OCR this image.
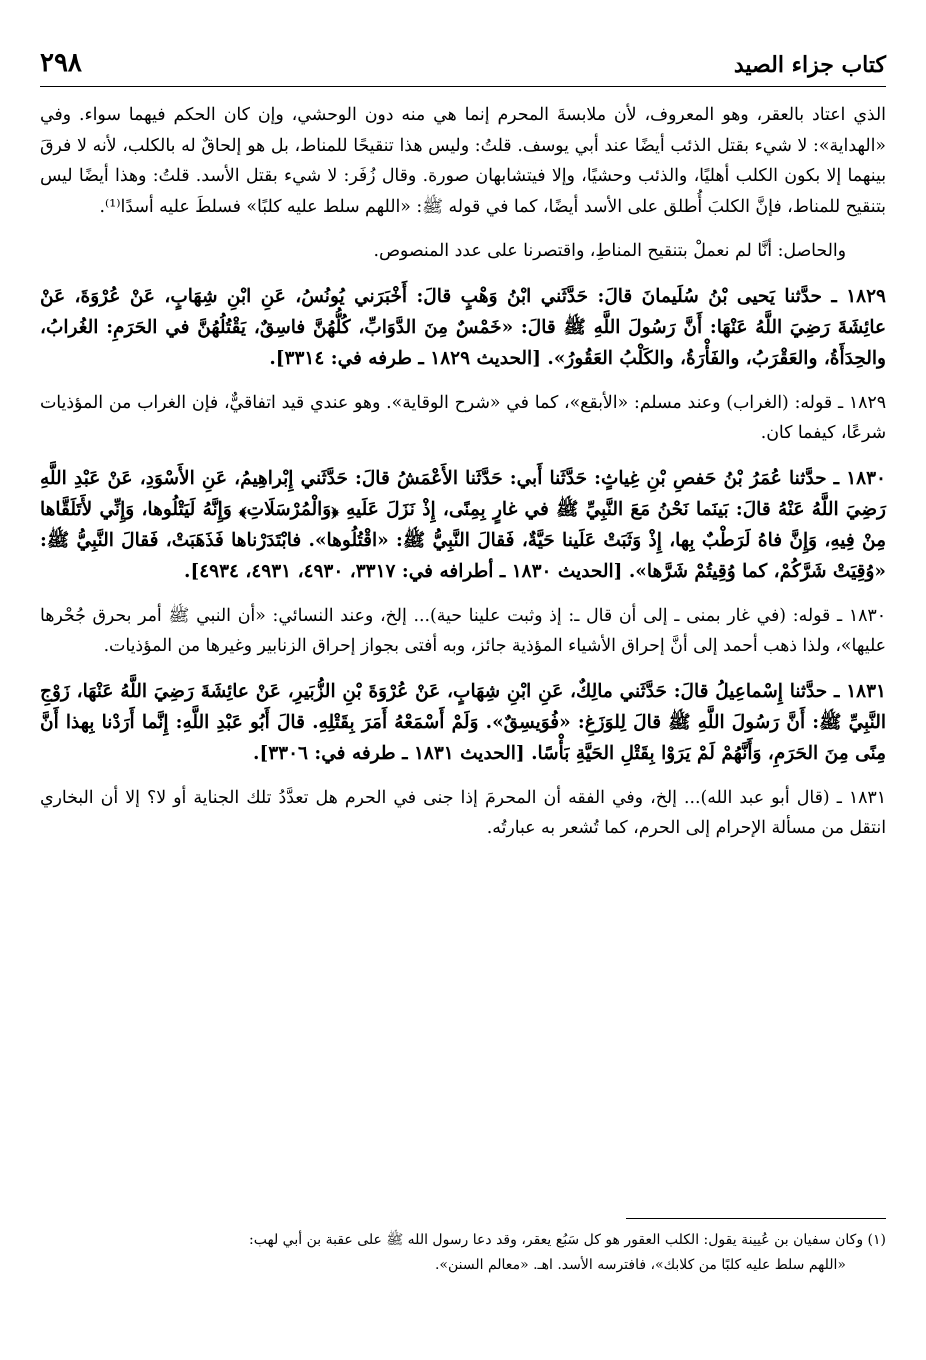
كتاب جزاء الصيد
٢٩٨

الذي اعتاد بالعقر، وهو المعروف، لأن ملابسةَ المحرم إنما هي منه دون الوحشي، وإن كان الحكم فيهما سواء. وفي «الهداية»: لا شيء بقتل الذئب أيضًا عند أبي يوسف. قلتُ: وليس هذا تنقيحًا للمناط، بل هو إلحاقٌ له بالكلب، لأنه لا فرقَ بينهما إلا بكون الكلب أهليًا، والذئب وحشيًا، وإلا فيتشابهان صورة. وقال زُفَر: لا شيء بقتل الأسد. قلتُ: وهذا أيضًا ليس بتنقيح للمناط، فإنَّ الكلبَ أُطلق على الأسد أيضًا، كما في قوله ﷺ: «اللهم سلط عليه كلبًا» فسلطَ عليه أسدًا⁽¹⁾.

والحاصل: أنَّا لم نعملْ بتنقيح المناطِ، واقتصرنا على عدد المنصوص.

١٨٢٩ ـ حدَّثنا يَحيى بْنُ سُلَيمانَ قالَ: حَدَّثَني ابْنُ وَهْبٍ قالَ: أَخْبَرَني يُونُسُ، عَنِ ابْنِ شِهَابٍ، عَنْ عُرْوَةَ، عَنْ عائِشَةَ رَضِيَ اللَّهُ عَنْهَا: أَنَّ رَسُولَ اللَّهِ ﷺ قالَ: «خَمْسٌ مِنَ الدَّوَابِّ، كُلُّهُنَّ فاسِقٌ، يَقْتُلُهُنَّ في الحَرَمِ: الغُرابُ، والحِدَأَةُ، والعَقْرَبُ، والفَأْرَةُ، والكَلْبُ العَقُورُ». [الحديث ١٨٢٩ ـ طرفه في: ٣٣١٤].

١٨٢٩ ـ قوله: (الغراب) وعند مسلم: «الأبقع»، كما في «شرح الوقاية». وهو عندي قيد اتفاقيٌّ، فإن الغراب من المؤذيات شرعًا، كيفما كان.

١٨٣٠ ـ حدَّثنا عُمَرُ بْنُ حَفصِ بْنِ غِياثٍ: حَدَّثَنا أَبي: حَدَّثَنا الأَعْمَشُ قالَ: حَدَّثَني إِبْراهِيمُ، عَنِ الأَسْوَدِ، عَنْ عَبْدِ اللَّهِ رَضِيَ اللَّهُ عَنْهُ قالَ: بَينَما نَحْنُ مَعَ النَّبِيِّ ﷺ في غارٍ بِمِنًى، إِذْ نَزَلَ عَلَيهِ ﴿وَالْمُرْسَلَاتِ﴾ وَإِنَّهُ لَيَتْلُوها، وَإِنِّي لأَتَلَقَّاها مِنْ فِيهِ، وَإِنَّ فاهُ لَرَطْبٌ بِها، إِذْ وَثَبَتْ عَلَينا حَيَّةٌ، فَقالَ النَّبِيُّ ﷺ: «اقْتُلُوها». فابْتَدَرْناها فَذَهَبَتْ، فَقالَ النَّبِيُّ ﷺ: «وُقِيَتْ شَرَّكُمْ، كما وُقِيتُمْ شَرَّها». [الحديث ١٨٣٠ ـ أطرافه في: ٣٣١٧، ٤٩٣٠، ٤٩٣١، ٤٩٣٤].

١٨٣٠ ـ قوله: (في غار بمنى ـ إلى أن قال ـ: إذ وثبت علينا حية)... إلخ، وعند النسائي: «أن النبي ﷺ أمر بحرق جُحْرها عليها»، ولذا ذهب أحمد إلى أنَّ إحراق الأشياء المؤذية جائز، وبه أفتى بجواز إحراق الزنابير وغيرها من المؤذيات.

١٨٣١ ـ حدَّثنا إِسْماعِيلُ قالَ: حَدَّثَني مالِكٌ، عَنِ ابْنِ شِهَابٍ، عَنْ عُرْوَةَ بْنِ الزُّبَيرِ، عَنْ عائِشَةَ رَضِيَ اللَّهُ عَنْهَا، زَوْجِ النَّبِيِّ ﷺ: أَنَّ رَسُولَ اللَّهِ ﷺ قالَ لِلوَزَغِ: «فُوَيسِقٌ». وَلَمْ أَسْمَعْهُ أَمَرَ بِقَتْلِهِ. قالَ أَبُو عَبْدِ اللَّهِ: إِنَّما أَرَدْنا بِهذا أَنَّ مِنًى مِنَ الحَرَمِ، وَأَنَّهُمْ لَمْ يَرَوْا بِقَتْلِ الحَيَّةِ بَأْسًا. [الحديث ١٨٣١ ـ طرفه في: ٣٣٠٦].

١٨٣١ ـ (قال أبو عبد الله)... إلخ، وفي الفقه أن المحرمَ إذا جنى في الحرم هل تعدَّدُ تلك الجناية أو لا؟ إلا أن البخاري انتقل من مسألة الإحرام إلى الحرم، كما تُشعر به عبارتُه.

(١) وكان سفيان بن عُيينة يقول: الكلب العقور هو كل سَبُع يعقر، وقد دعا رسول الله ﷺ على عقبة بن أبي لهب:

«اللهم سلط عليه كلبًا من كلابك»، فافترسه الأسد. اهـ. «معالم السنن».
